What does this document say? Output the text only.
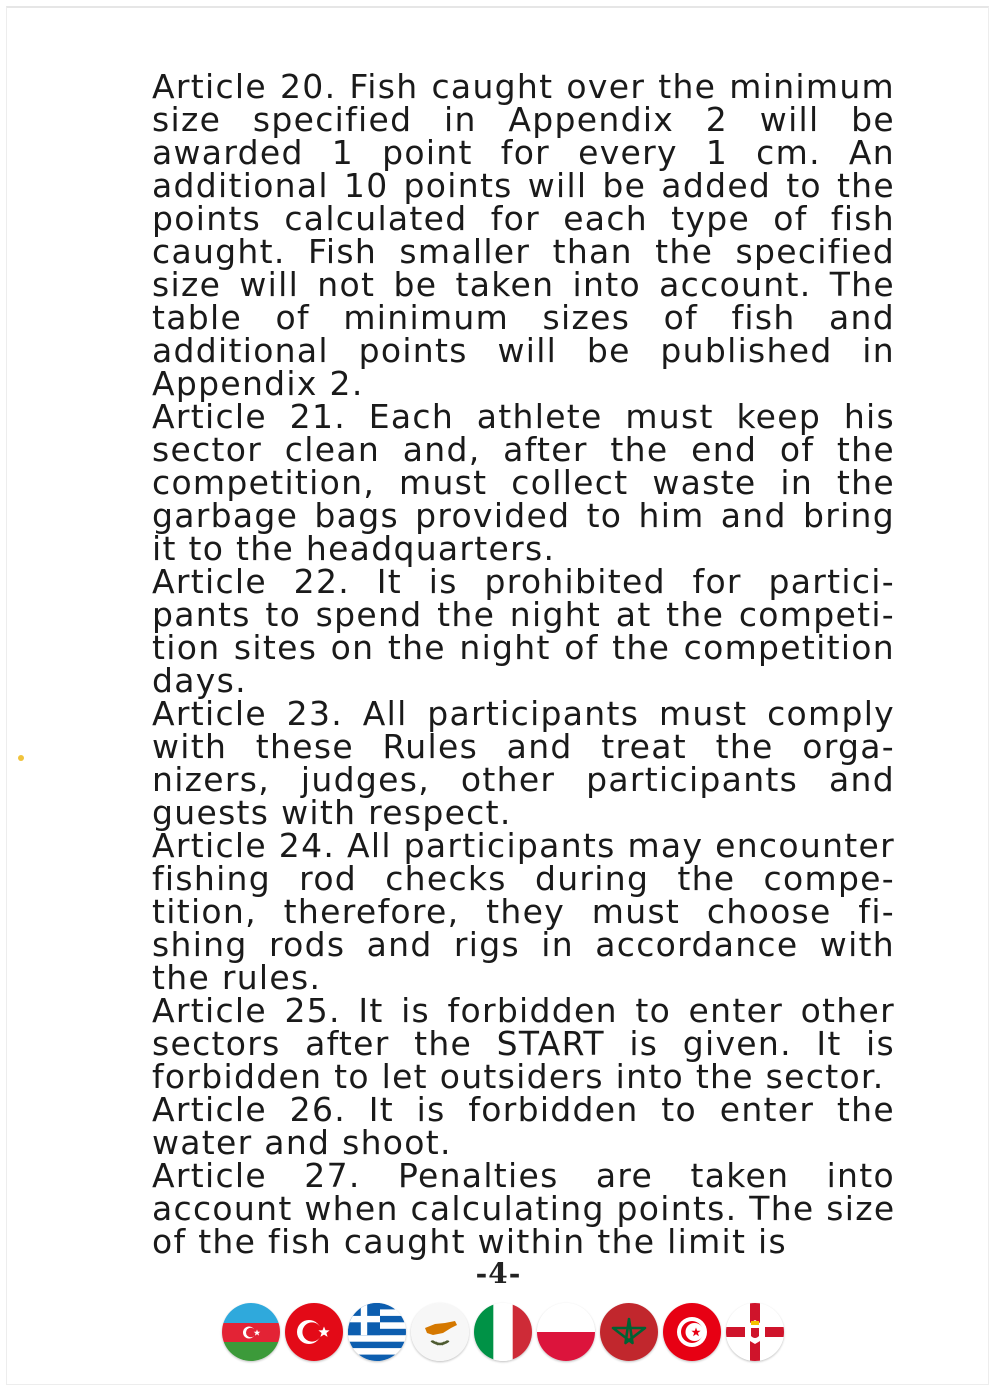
Article 20. Fish caught over the minimum
size specified in Appendix 2 will be
awarded 1 point for every 1 cm. An
additional 10 points will be added to the
points calculated for each type of fish
caught. Fish smaller than the specified
size will not be taken into account. The
table of minimum sizes of fish and
additional points will be published in
Appendix 2.
Article 21. Each athlete must keep his
sector clean and, after the end of the
competition, must collect waste in the
garbage bags provided to him and bring
it to the headquarters.
Article 22. It is prohibited for partici-
pants to spend the night at the competi-
tion sites on the night of the competition
days.
Article 23. All participants must comply
with these Rules and treat the orga-
nizers, judges, other participants and
guests with respect.
Article 24. All participants may encounter
fishing rod checks during the compe-
tition, therefore, they must choose fi-
shing rods and rigs in accordance with
the rules.
Article 25. It is forbidden to enter other
sectors after the START is given. It is
forbidden to let outsiders into the sector.
Article 26. It is forbidden to enter the
water and shoot.
Article 27. Penalties are taken into
account when calculating points. The size
of the fish caught within the limit is
-4-
